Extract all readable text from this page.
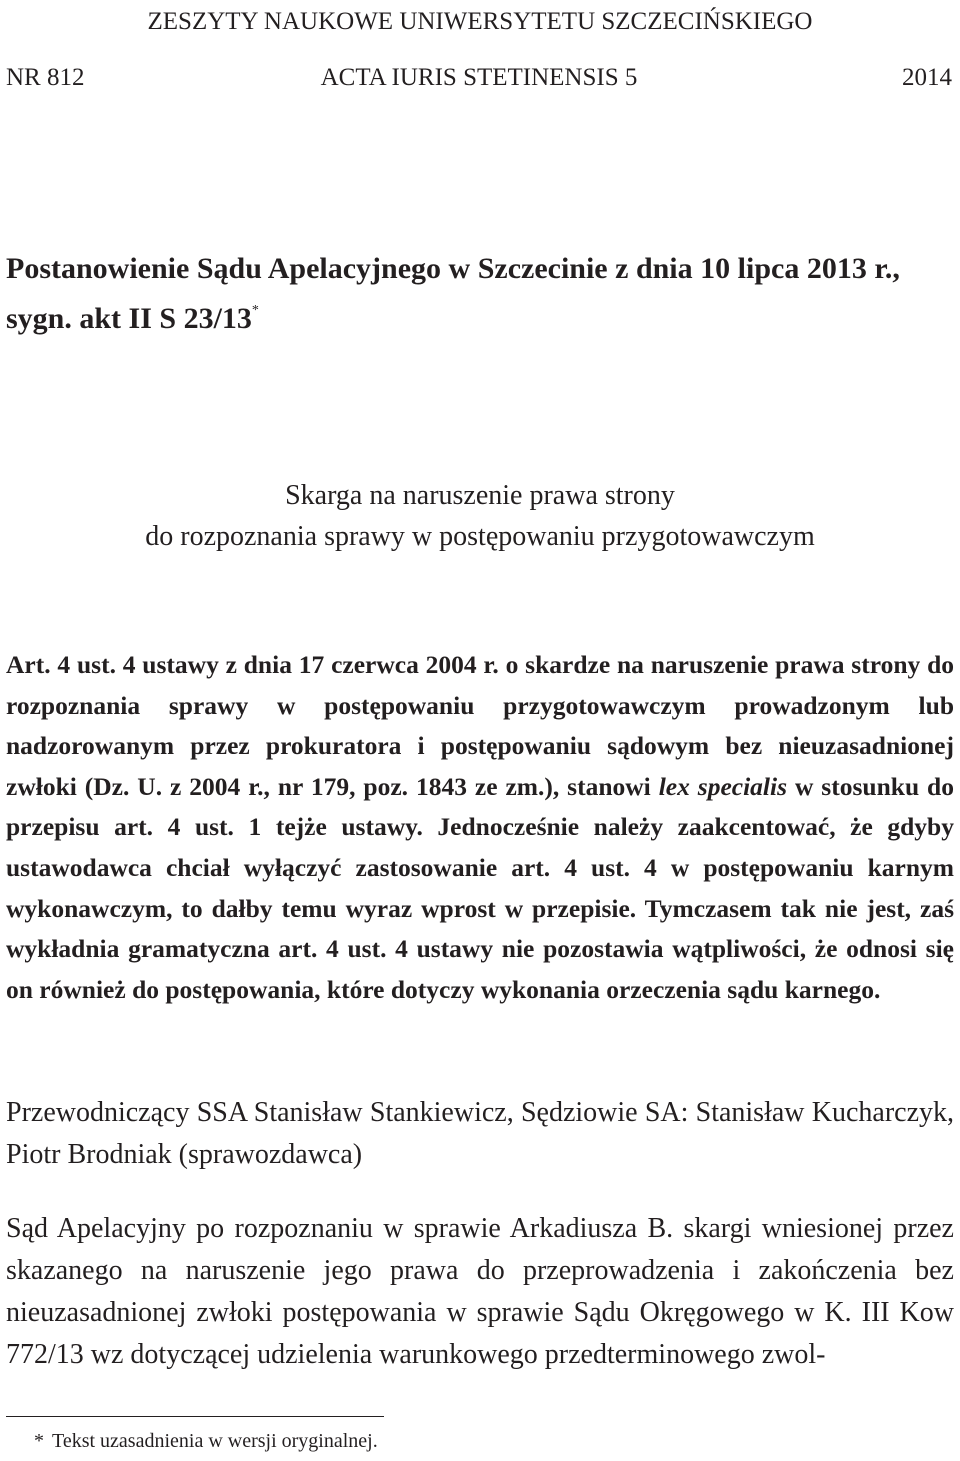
ZESZYTY NAUKOWE UNIWERSYTETU SZCZECIŃSKIEGO
NR 812	ACTA IURIS STETINENSIS 5	2014
Postanowienie Sądu Apelacyjnego w Szczecinie z dnia 10 lipca 2013 r.,
sygn. akt II S 23/13*
Skarga na naruszenie prawa strony
do rozpoznania sprawy w postępowaniu przygotowawczym
Art. 4 ust. 4 ustawy z dnia 17 czerwca 2004 r. o skardze na naruszenie prawa strony do rozpoznania sprawy w postępowaniu przygotowawczym prowadzonym lub nadzorowanym przez prokuratora i postępowaniu sądowym bez nieuzasadnionej zwłoki (Dz. U. z 2004 r., nr 179, poz. 1843 ze zm.), stanowi lex specialis w stosunku do przepisu art. 4 ust. 1 tejże ustawy. Jednocześnie należy zaakcentować, że gdyby ustawodawca chciał wyłączyć zastosowanie art. 4 ust. 4 w postępowaniu karnym wykonawczym, to dałby temu wyraz wprost w przepisie. Tymczasem tak nie jest, zaś wykładnia gramatyczna art. 4 ust. 4 ustawy nie pozostawia wątpliwości, że odnosi się on również do postępowania, które dotyczy wykonania orzeczenia sądu karnego.
Przewodniczący SSA Stanisław Stankiewicz, Sędziowie SA: Stanisław Kucharczyk, Piotr Brodniak (sprawozdawca)
Sąd Apelacyjny po rozpoznaniu w sprawie Arkadiusza B. skargi wniesionej przez skazanego na naruszenie jego prawa do przeprowadzenia i zakończenia bez nieuzasadnionej zwłoki postępowania w sprawie Sądu Okręgowego w K. III Kow 772/13 wz dotyczącej udzielenia warunkowego przedterminowego zwol-
* Tekst uzasadnienia w wersji oryginalnej.
